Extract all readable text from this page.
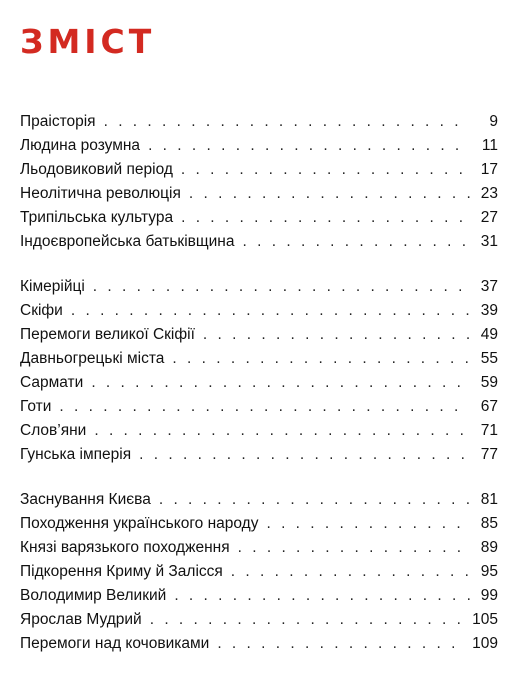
ЗМІСТ
Праісторія . . .	9
Людина розумна . . .	11
Льодовиковий період . . .	17
Неолітична революція . . .	23
Трипільська культура . . .	27
Індоєвропейська батьківщина . . .	31
Кімерійці . . .	37
Скіфи . . .	39
Перемоги великої Скіфії . . .	49
Давньогрецькі міста . . .	55
Сармати . . .	59
Готи . . .	67
Слов’яни . . .	71
Гунська імперія . . .	77
Заснування Києва . . .	81
Походження українського народу . . .	85
Князі варязького походження . . .	89
Підкорення Криму й Залісся . . .	95
Володимир Великий . . .	99
Ярослав Мудрий . . .	105
Перемоги над кочовиками . . .	109
